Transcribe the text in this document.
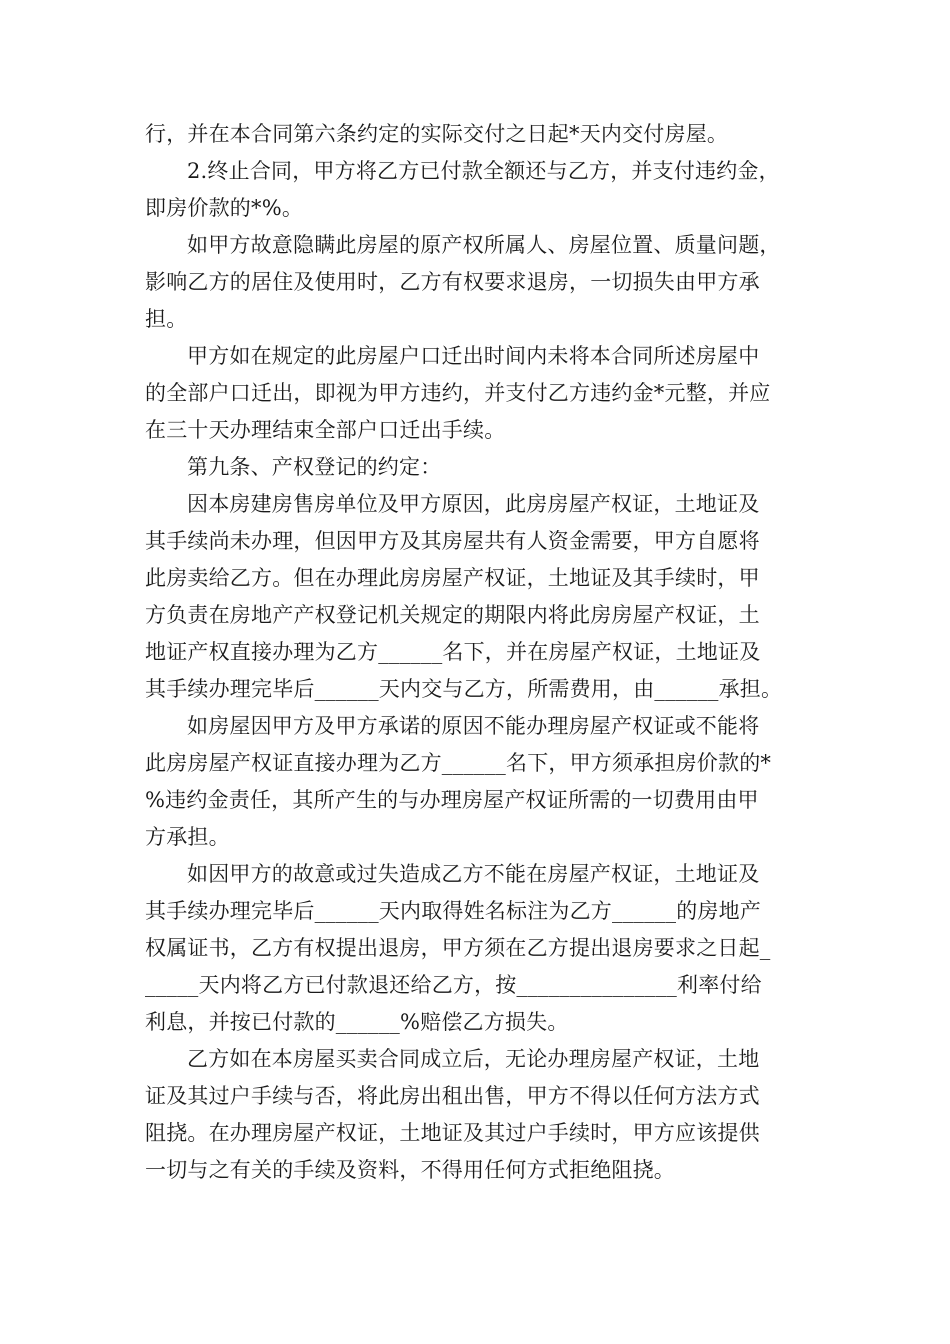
行，并在本合同第六条约定的实际交付之日起*天内交付房屋。
2.终止合同，甲方将乙方已付款全额还与乙方，并支付违约金，
即房价款的*%。
如甲方故意隐瞒此房屋的原产权所属人、房屋位置、质量问题，
影响乙方的居住及使用时，乙方有权要求退房，一切损失由甲方承
担。
甲方如在规定的此房屋户口迁出时间内未将本合同所述房屋中
的全部户口迁出，即视为甲方违约，并支付乙方违约金*元整，并应
在三十天办理结束全部户口迁出手续。
第九条、产权登记的约定：
因本房建房售房单位及甲方原因，此房房屋产权证，土地证及
其手续尚未办理，但因甲方及其房屋共有人资金需要，甲方自愿将
此房卖给乙方。但在办理此房房屋产权证，土地证及其手续时，甲
方负责在房地产产权登记机关规定的期限内将此房房屋产权证，土
地证产权直接办理为乙方______名下，并在房屋产权证，土地证及
其手续办理完毕后______天内交与乙方，所需费用，由______承担。
如房屋因甲方及甲方承诺的原因不能办理房屋产权证或不能将
此房房屋产权证直接办理为乙方______名下，甲方须承担房价款的*
%违约金责任，其所产生的与办理房屋产权证所需的一切费用由甲
方承担。
如因甲方的故意或过失造成乙方不能在房屋产权证，土地证及
其手续办理完毕后______天内取得姓名标注为乙方______的房地产
权属证书，乙方有权提出退房，甲方须在乙方提出退房要求之日起_
_____天内将乙方已付款退还给乙方，按_______________利率付给
利息，并按已付款的______%赔偿乙方损失。
乙方如在本房屋买卖合同成立后，无论办理房屋产权证，土地
证及其过户手续与否，将此房出租出售，甲方不得以任何方法方式
阻挠。在办理房屋产权证，土地证及其过户手续时，甲方应该提供
一切与之有关的手续及资料，不得用任何方式拒绝阻挠。
